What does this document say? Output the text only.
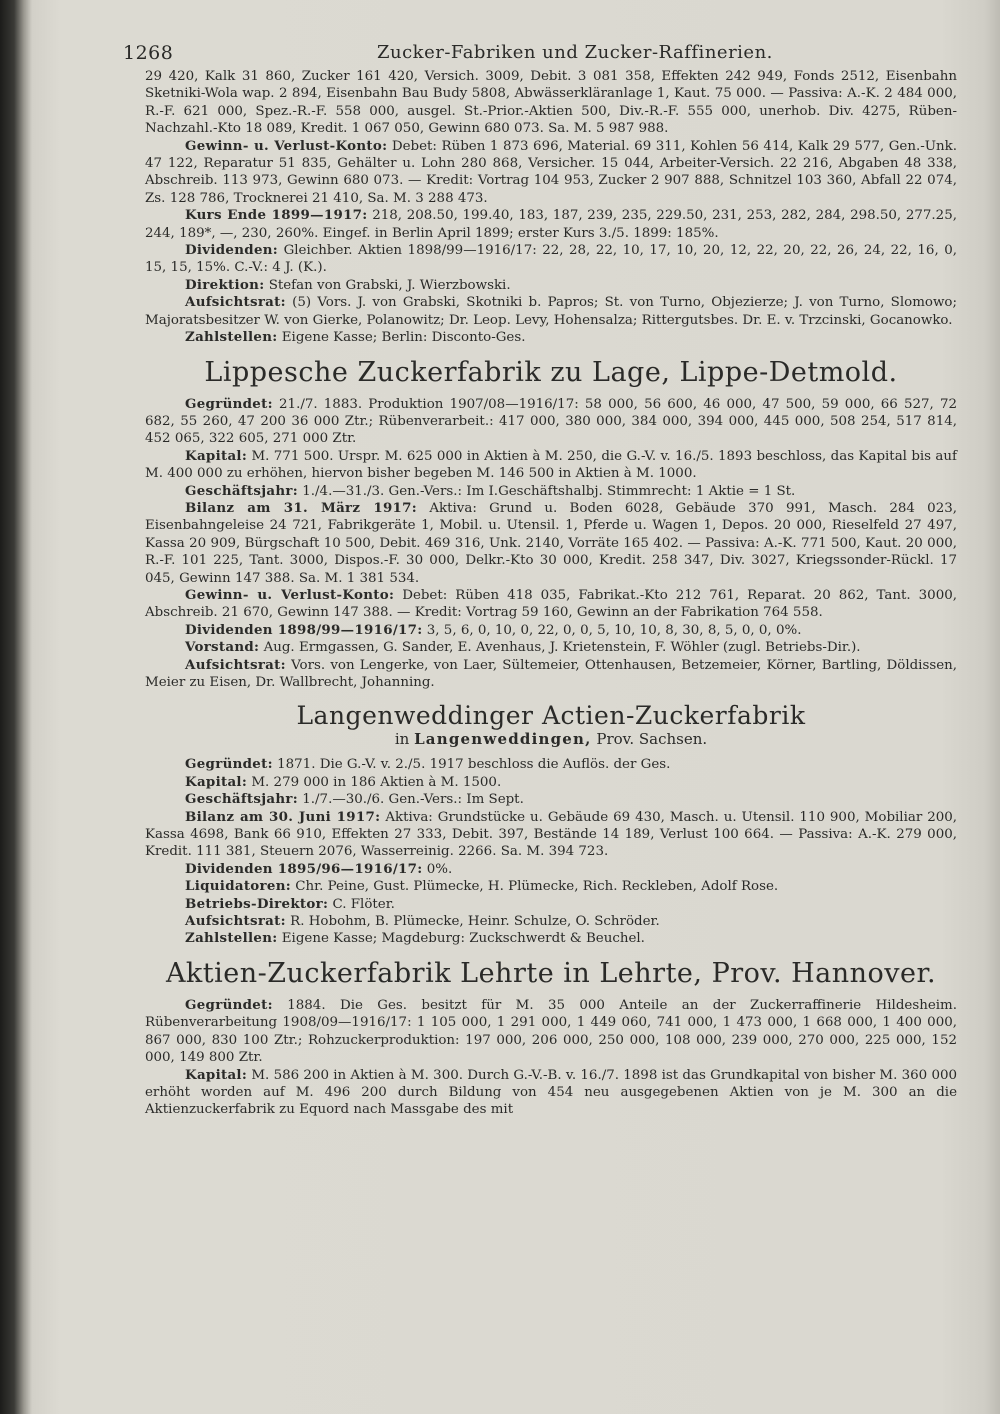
1268	Zucker-Fabriken und Zucker-Raffinerien.

29 420, Kalk 31 860, Zucker 161 420, Versich. 3009, Debit. 3 081 358, Effekten 242 949, Fonds 2512, Eisenbahn Sketniki-Wola wap. 2 894, Eisenbahn Bau Budy 5808, Abwässerkläranlage 1, Kaut. 75 000. — Passiva: A.-K. 2 484 000, R.-F. 621 000, Spez.-R.-F. 558 000, ausgel. St.-Prior.-Aktien 500, Div.-R.-F. 555 000, unerhob. Div. 4275, Rüben-Nachzahl.-Kto 18 089, Kredit. 1 067 050, Gewinn 680 073. Sa. M. 5 987 988.

Gewinn- u. Verlust-Konto: Debet: Rüben 1 873 696, Material. 69 311, Kohlen 56 414, Kalk 29 577, Gen.-Unk. 47 122, Reparatur 51 835, Gehälter u. Lohn 280 868, Versicher. 15 044, Arbeiter-Versich. 22 216, Abgaben 48 338, Abschreib. 113 973, Gewinn 680 073. — Kredit: Vortrag 104 953, Zucker 2 907 888, Schnitzel 103 360, Abfall 22 074, Zs. 128 786, Trocknerei 21 410, Sa. M. 3 288 473.

Kurs Ende 1899—1917: 218, 208.50, 199.40, 183, 187, 239, 235, 229.50, 231, 253, 282, 284, 298.50, 277.25, 244, 189*, —, 230, 260%. Eingef. in Berlin April 1899; erster Kurs 3./5. 1899: 185%.

Dividenden: Gleichber. Aktien 1898/99—1916/17: 22, 28, 22, 10, 17, 10, 20, 12, 22, 20, 22, 26, 24, 22, 16, 0, 15, 15, 15%. C.-V.: 4 J. (K.).

Direktion: Stefan von Grabski, J. Wierzbowski.

Aufsichtsrat: (5) Vors. J. von Grabski, Skotniki b. Papros; St. von Turno, Objezierze; J. von Turno, Slomowo; Majoratsbesitzer W. von Gierke, Polanowitz; Dr. Leop. Levy, Hohensalza; Rittergutsbes. Dr. E. v. Trzcinski, Gocanowko.

Zahlstellen: Eigene Kasse; Berlin: Disconto-Ges.

Lippesche Zuckerfabrik zu Lage, Lippe-Detmold.

Gegründet: 21./7. 1883. Produktion 1907/08—1916/17: 58 000, 56 600, 46 000, 47 500, 59 000, 66 527, 72 682, 55 260, 47 200 36 000 Ztr.; Rübenverarbeit.: 417 000, 380 000, 384 000, 394 000, 445 000, 508 254, 517 814, 452 065, 322 605, 271 000 Ztr.

Kapital: M. 771 500. Urspr. M. 625 000 in Aktien à M. 250, die G.-V. v. 16./5. 1893 beschloss, das Kapital bis auf M. 400 000 zu erhöhen, hiervon bisher begeben M. 146 500 in Aktien à M. 1000.

Geschäftsjahr: 1./4.—31./3. Gen.-Vers.: Im I.Geschäftshalbj. Stimmrecht: 1 Aktie = 1 St.

Bilanz am 31. März 1917: Aktiva: Grund u. Boden 6028, Gebäude 370 991, Masch. 284 023, Eisenbahngeleise 24 721, Fabrikgeräte 1, Mobil. u. Utensil. 1, Pferde u. Wagen 1, Depos. 20 000, Rieselfeld 27 497, Kassa 20 909, Bürgschaft 10 500, Debit. 469 316, Unk. 2140, Vorräte 165 402. — Passiva: A.-K. 771 500, Kaut. 20 000, R.-F. 101 225, Tant. 3000, Dispos.-F. 30 000, Delkr.-Kto 30 000, Kredit. 258 347, Div. 3027, Kriegssonder-Rückl. 17 045, Gewinn 147 388. Sa. M. 1 381 534.

Gewinn- u. Verlust-Konto: Debet: Rüben 418 035, Fabrikat.-Kto 212 761, Reparat. 20 862, Tant. 3000, Abschreib. 21 670, Gewinn 147 388. — Kredit: Vortrag 59 160, Gewinn an der Fabrikation 764 558.

Dividenden 1898/99—1916/17: 3, 5, 6, 0, 10, 0, 22, 0, 0, 5, 10, 10, 8, 30, 8, 5, 0, 0, 0%.

Vorstand: Aug. Ermgassen, G. Sander, E. Avenhaus, J. Krietenstein, F. Wöhler (zugl. Betriebs-Dir.).

Aufsichtsrat: Vors. von Lengerke, von Laer, Sültemeier, Ottenhausen, Betzemeier, Körner, Bartling, Döldissen, Meier zu Eisen, Dr. Wallbrecht, Johanning.

Langenweddinger Actien-Zuckerfabrik
in Langenweddingen, Prov. Sachsen.

Gegründet: 1871. Die G.-V. v. 2./5. 1917 beschloss die Auflös. der Ges.

Kapital: M. 279 000 in 186 Aktien à M. 1500.

Geschäftsjahr: 1./7.—30./6. Gen.-Vers.: Im Sept.

Bilanz am 30. Juni 1917: Aktiva: Grundstücke u. Gebäude 69 430, Masch. u. Utensil. 110 900, Mobiliar 200, Kassa 4698, Bank 66 910, Effekten 27 333, Debit. 397, Bestände 14 189, Verlust 100 664. — Passiva: A.-K. 279 000, Kredit. 111 381, Steuern 2076, Wasserreinig. 2266. Sa. M. 394 723.

Dividenden 1895/96—1916/17: 0%.

Liquidatoren: Chr. Peine, Gust. Plümecke, H. Plümecke, Rich. Reckleben, Adolf Rose.

Betriebs-Direktor: C. Flöter.

Aufsichtsrat: R. Hobohm, B. Plümecke, Heinr. Schulze, O. Schröder.

Zahlstellen: Eigene Kasse; Magdeburg: Zuckschwerdt & Beuchel.

Aktien-Zuckerfabrik Lehrte in Lehrte, Prov. Hannover.

Gegründet: 1884. Die Ges. besitzt für M. 35 000 Anteile an der Zuckerraffinerie Hildesheim. Rübenverarbeitung 1908/09—1916/17: 1 105 000, 1 291 000, 1 449 060, 741 000, 1 473 000, 1 668 000, 1 400 000, 867 000, 830 100 Ztr.; Rohzuckerproduktion: 197 000, 206 000, 250 000, 108 000, 239 000, 270 000, 225 000, 152 000, 149 800 Ztr.

Kapital: M. 586 200 in Aktien à M. 300. Durch G.-V.-B. v. 16./7. 1898 ist das Grundkapital von bisher M. 360 000 erhöht worden auf M. 496 200 durch Bildung von 454 neu ausgegebenen Aktien von je M. 300 an die Aktienzuckerfabrik zu Equord nach Massgabe des mit
